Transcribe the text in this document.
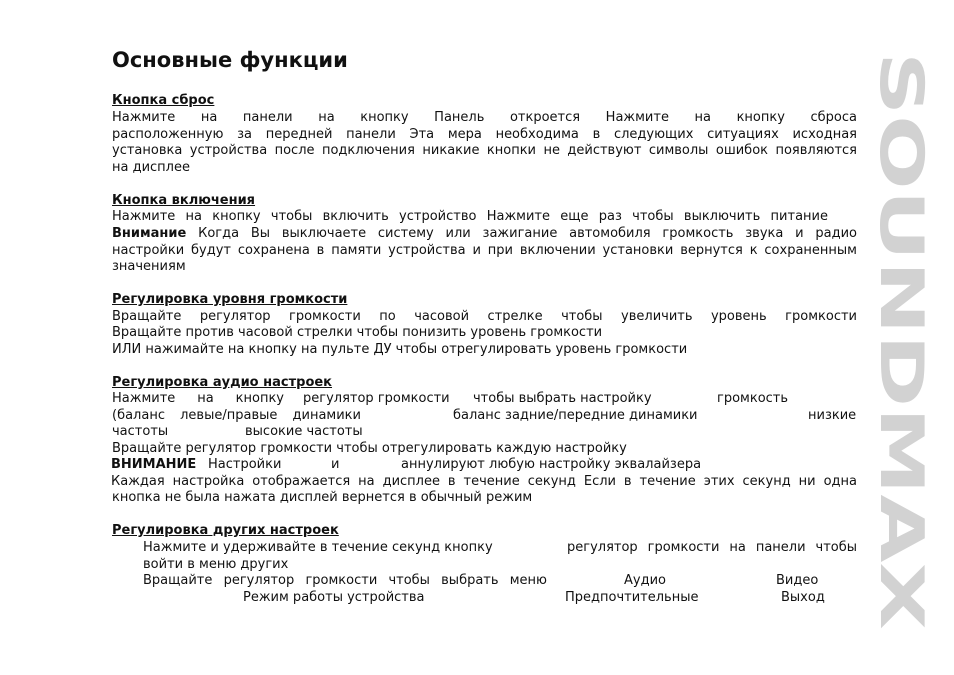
Основные функции	SOUNDMAX
Кнопка сброс
Нажмите на панели на кнопку Панель откроется Нажмите на кнопку сброса
расположенную за передней панели Эта мера необходима в следующих ситуациях исходная
установка устройства после подключения никакие кнопки не действуют символы ошибок появляются
на дисплее
Кнопка включения
Нажмите на кнопку чтобы включить устройство Нажмите еще раз чтобы выключить питание
Внимание Когда Вы выключаете систему или зажигание автомобиля громкость звука и радио
настройки будут сохранена в памяти устройства и при включении установки вернутся к сохраненным
значениям
Регулировка уровня громкости
Вращайте регулятор громкости по часовой стрелке чтобы увеличить уровень громкости
Вращайте против часовой стрелки чтобы понизить уровень громкости
ИЛИ нажимайте на кнопку на пульте ДУ чтобы отрегулировать уровень громкости
Регулировка аудио настроек
Нажмите на кнопку регулятор громкости чтобы выбрать настройку	громкость
(баланс левые/правые динамики	баланс задние/передние динамики	низкие
частоты	высокие частоты
Вращайте регулятор громкости чтобы отрегулировать каждую настройку
ВНИМАНИЕ Настройки	и	аннулируют любую настройку эквалайзера
Каждая настройка отображается на дисплее в течение секунд Если в течение этих секунд ни одна
кнопка не была нажата дисплей вернется в обычный режим
Регулировка других настроек
Нажмите и удерживайте в течение секунд кнопку	регулятор громкости на панели чтобы
войти в меню других
Вращайте регулятор громкости чтобы выбрать меню	Аудио	Видео
Режим работы устройства	Предпочтительные	Выход
